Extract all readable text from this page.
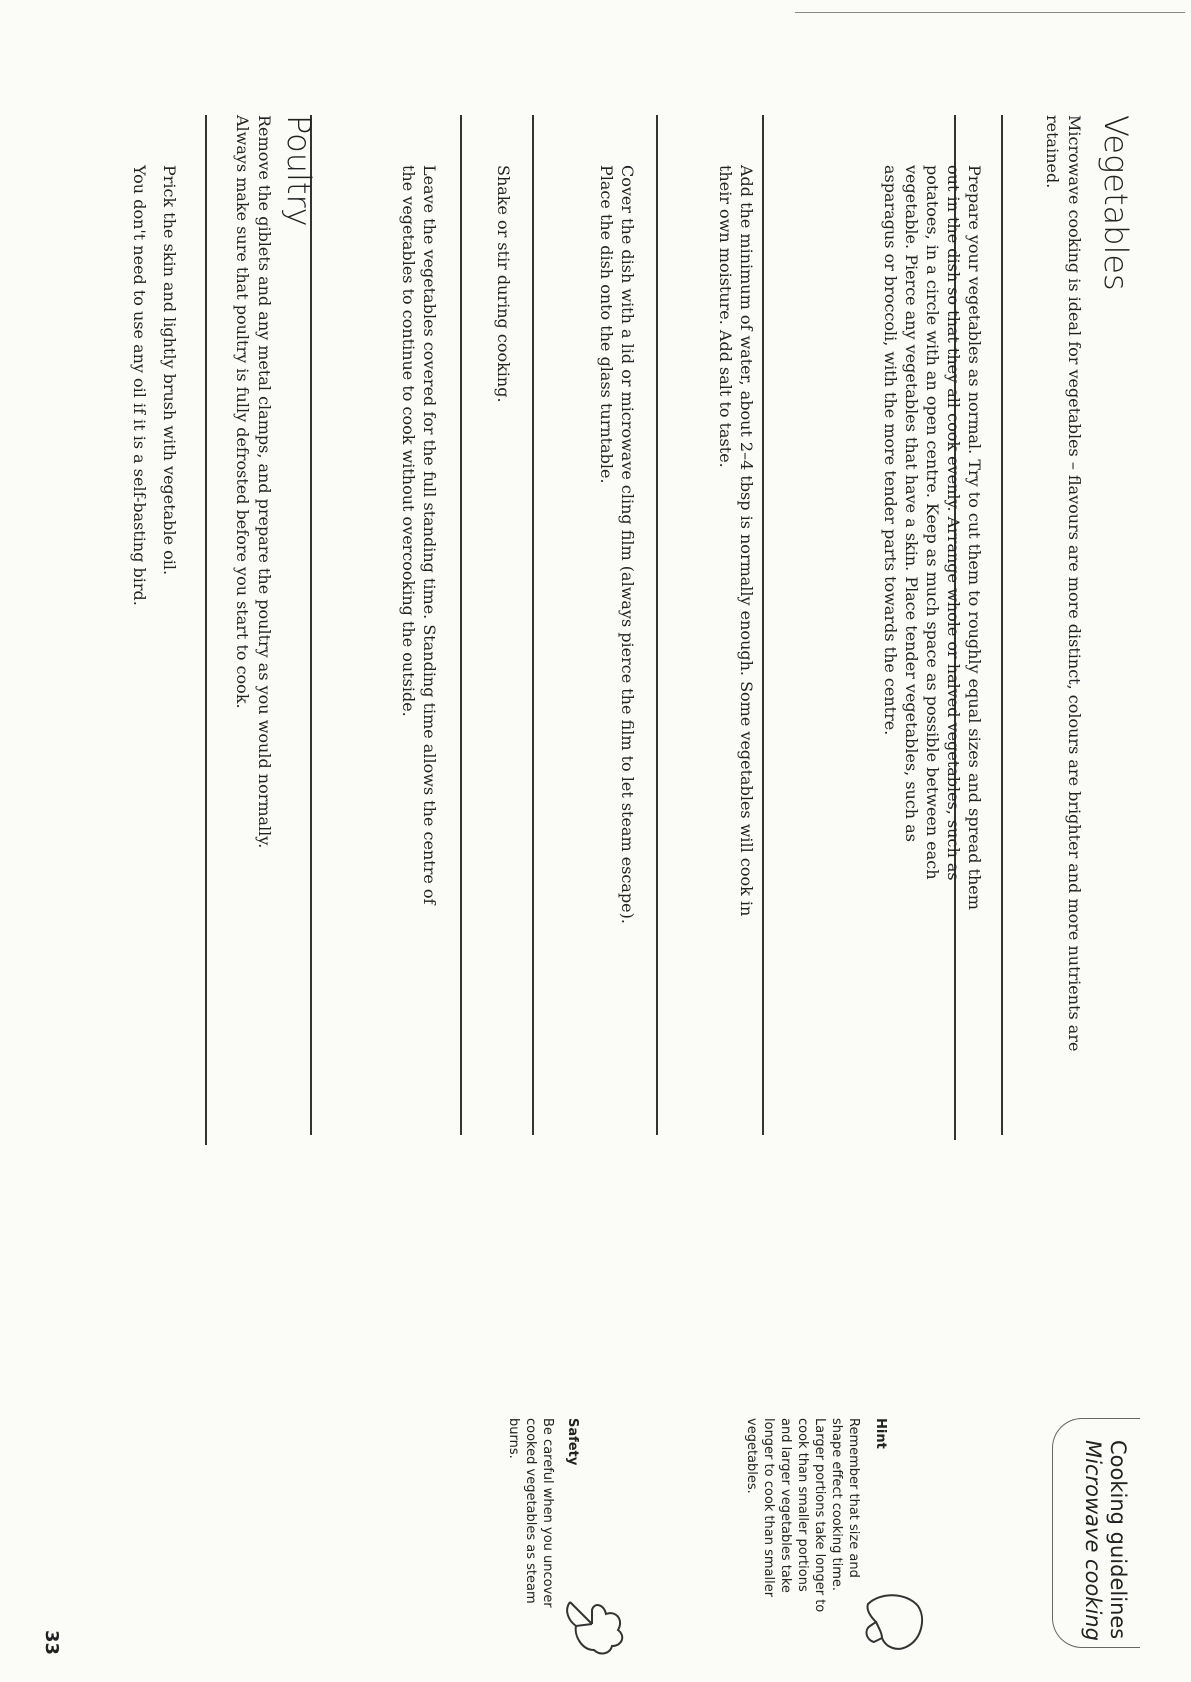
Vegetables
Microwave cooking is ideal for vegetables – flavours are more distinct, colours are brighter and more nutrients are retained.
Prepare your vegetables as normal. Try to cut them to roughly equal sizes and spread them out in the dish so that they all cook evenly. Arrange whole or halved vegetables, such as potatoes, in a circle with an open centre. Keep as much space as possible between each vegetable. Pierce any vegetables that have a skin. Place tender vegetables, such as asparagus or broccoli, with the more tender parts towards the centre.
Add the minimum of water, about 2–4 tbsp is normally enough. Some vegetables will cook in their own moisture. Add salt to taste.
Cover the dish with a lid or microwave cling film (always pierce the film to let steam escape). Place the dish onto the glass turntable.
Shake or stir during cooking.
Leave the vegetables covered for the full standing time. Standing time allows the centre of the vegetables to continue to cook without overcooking the outside.
Poultry
Remove the giblets and any metal clamps, and prepare the poultry as you would normally. Always make sure that poultry is fully defrosted before you start to cook.
Prick the skin and lightly brush with vegetable oil.
You don't need to use any oil if it is a self-basting bird.
Cooking guidelines
Microwave cooking
Hint
Remember that size and shape effect cooking time. Larger portions take longer to cook than smaller portions and larger vegetables take longer to cook than smaller vegetables.
Safety
Be careful when you uncover cooked vegetables as steam burns.
33
